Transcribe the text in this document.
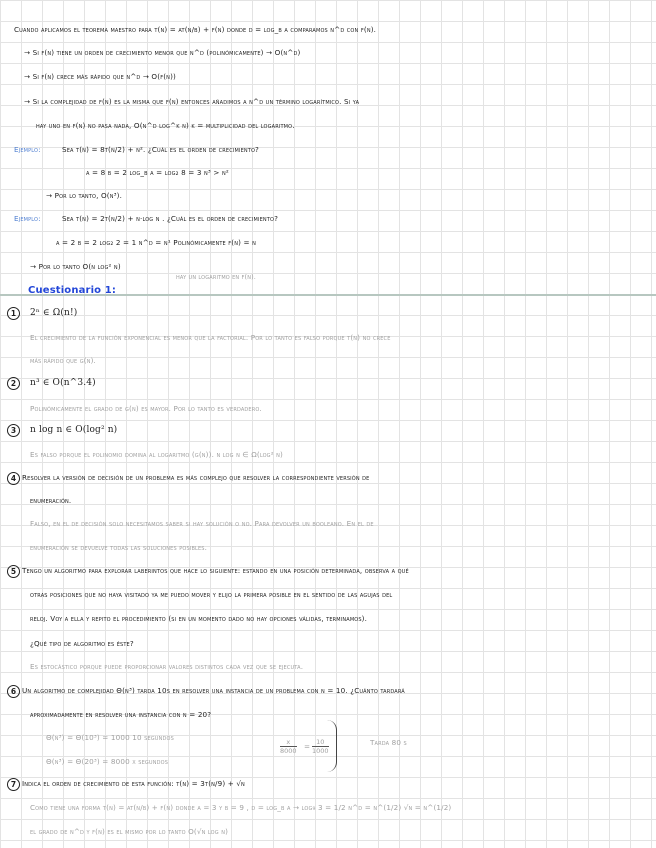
Cuando aplicamos el teorema maestro para t(n) = at(n/b) + f(n) donde d = log_b a comparamos n^d con f(n).
→ Si f(n) tiene un orden de crecimiento menor que n^d (polinómicamente) → O(n^d)
→ Si f(n) crece más rápido que n^d → O(f(n))
→ Si la complejidad de f(n) es la misma que f(n) entonces añadimos a n^d un término logarítmico. Si ya
hay uno en f(n) no pasa nada, O(n^d log^k n) k = multiplicidad del logaritmo.
Ejemplo:	Sea t(n) = 8t(n/2) + n². ¿Cuál es el orden de crecimiento?
a = 8 b = 2 log_b a = log₂ 8 = 3 n³ > n²
→ Por lo tanto, O(n³).
Ejemplo:	Sea t(n) = 2t(n/2) + n·log n . ¿Cuál es el orden de crecimiento?
a = 2 b = 2 log₂ 2 = 1 n^d = n¹ Polinómicamente f(n) = n
→ Por lo tanto O(n log² n)
hay un logaritmo en f(n).
Cuestionario 1:
1	2ⁿ ∈ Ω(n!)
El crecimiento de la función exponencial es menor que la factorial. Por lo tanto es falso porque t(n) no crece
más rápido que g(n).
2	n³ ∈ O(n^3.4)
Polinómicamente el grado de g(n) es mayor. Por lo tanto es verdadero.
3	n log n ∈ O(log² n)
Es falso porque el polinomio domina al logaritmo (g(n)). n log n ∈ Ω(log² n)
4 Resolver la versión de decisión de un problema es más complejo que resolver la correspondiente versión de
enumeración.
Falso, en el de decisión solo necesitamos saber si hay solución o no. Para devolver un booleano. En el de
enumeración se devuelve todas las soluciones posibles.
5 Tengo un algoritmo para explorar laberintos que hace lo siguiente: estando en una posición determinada, observa a qué
otras posiciones que no haya visitado ya me puedo mover y elijo la primera posible en el sentido de las agujas del
reloj. Voy a ella y repito el procedimiento (si en un momento dado no hay opciones válidas, terminamos).
¿Qué tipo de algoritmo es éste?
Es estocástico porque puede proporcionar valores distintos cada vez que se ejecuta.
6 Un algoritmo de complejidad Θ(n³) tarda 10s en resolver una instancia de un problema con n = 10. ¿Cuánto tardará
aproximadamente en resolver una instancia con n = 20?
Θ(n³) = Θ(10³) = 1000 10 segundos
Θ(n³) = Θ(20³) = 8000 x segundos
$\frac{x}{8000} = \frac{10}{1000}$	Tarda 80 s
7 Indica el orden de crecimiento de esta función: t(n) = 3t(n/9) + √n
Como tiene una forma t(n) = at(n/b) + f(n) donde a = 3 y b = 9 , d = log_b a → log₉ 3 = 1/2 n^d = n^(1/2) √n = n^(1/2)
el grado de n^d y f(n) es el mismo por lo tanto O(√n log n)
